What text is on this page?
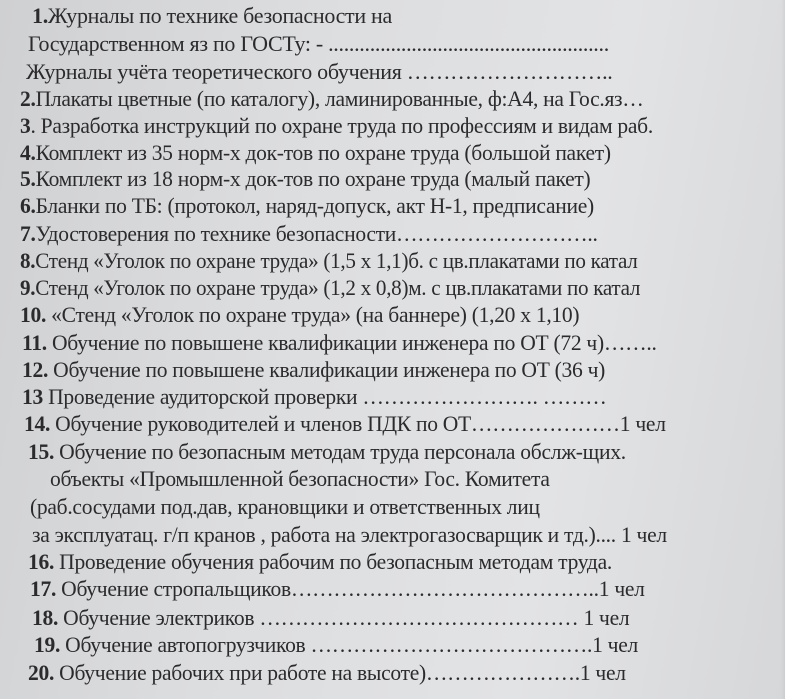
1.Журналы по технике безопасности на
Государственном яз по ГОСТу: - ......................................................
Журналы учёта теоретического обучения ………………………..
2.Плакаты цветные (по каталогу), ламинированные, ф:А4, на Гос.яз…
3. Разработка инструкций по охране труда по профессиям и видам раб.
4.Комплект из 35 норм-х док-тов по охране труда (большой пакет)
5.Комплект из 18 норм-х док-тов по охране труда (малый пакет)
6.Бланки по ТБ: (протокол, наряд-допуск, акт Н-1, предписание)
7.Удостоверения по технике безопасности………………………..
8.Стенд «Уголок по охране труда» (1,5 х 1,1)б. с цв.плакатами по катал
9.Стенд «Уголок по охране труда» (1,2 х 0,8)м. с цв.плакатами по катал
10. «Стенд «Уголок по охране труда» (на баннере) (1,20 х 1,10)
11. Обучение по повышене квалификации инженера по ОТ (72 ч)……..
12. Обучение по повышене квалификации инженера по ОТ (36 ч)
13 Проведение аудиторской проверки ……………………. ………
14. Обучение руководителей и членов ПДК по ОТ…………………1 чел
15. Обучение по безопасным методам труда персонала обслж-щих.
объекты «Промышленной безопасности» Гос. Комитета
(раб.сосудами под.дав, крановщики и ответственных лиц
за эксплуатац. г/п кранов , работа на электрогазосварщик и тд.).... 1 чел
16. Проведение обучения рабочим по безопасным методам труда.
17. Обучение стропальщиков……………………………………..1 чел
18. Обучение электриков ……………………………………… 1 чел
19. Обучение автопогрузчиков ………………………………….1 чел
20. Обучение рабочих при работе на высоте)………………….1 чел
